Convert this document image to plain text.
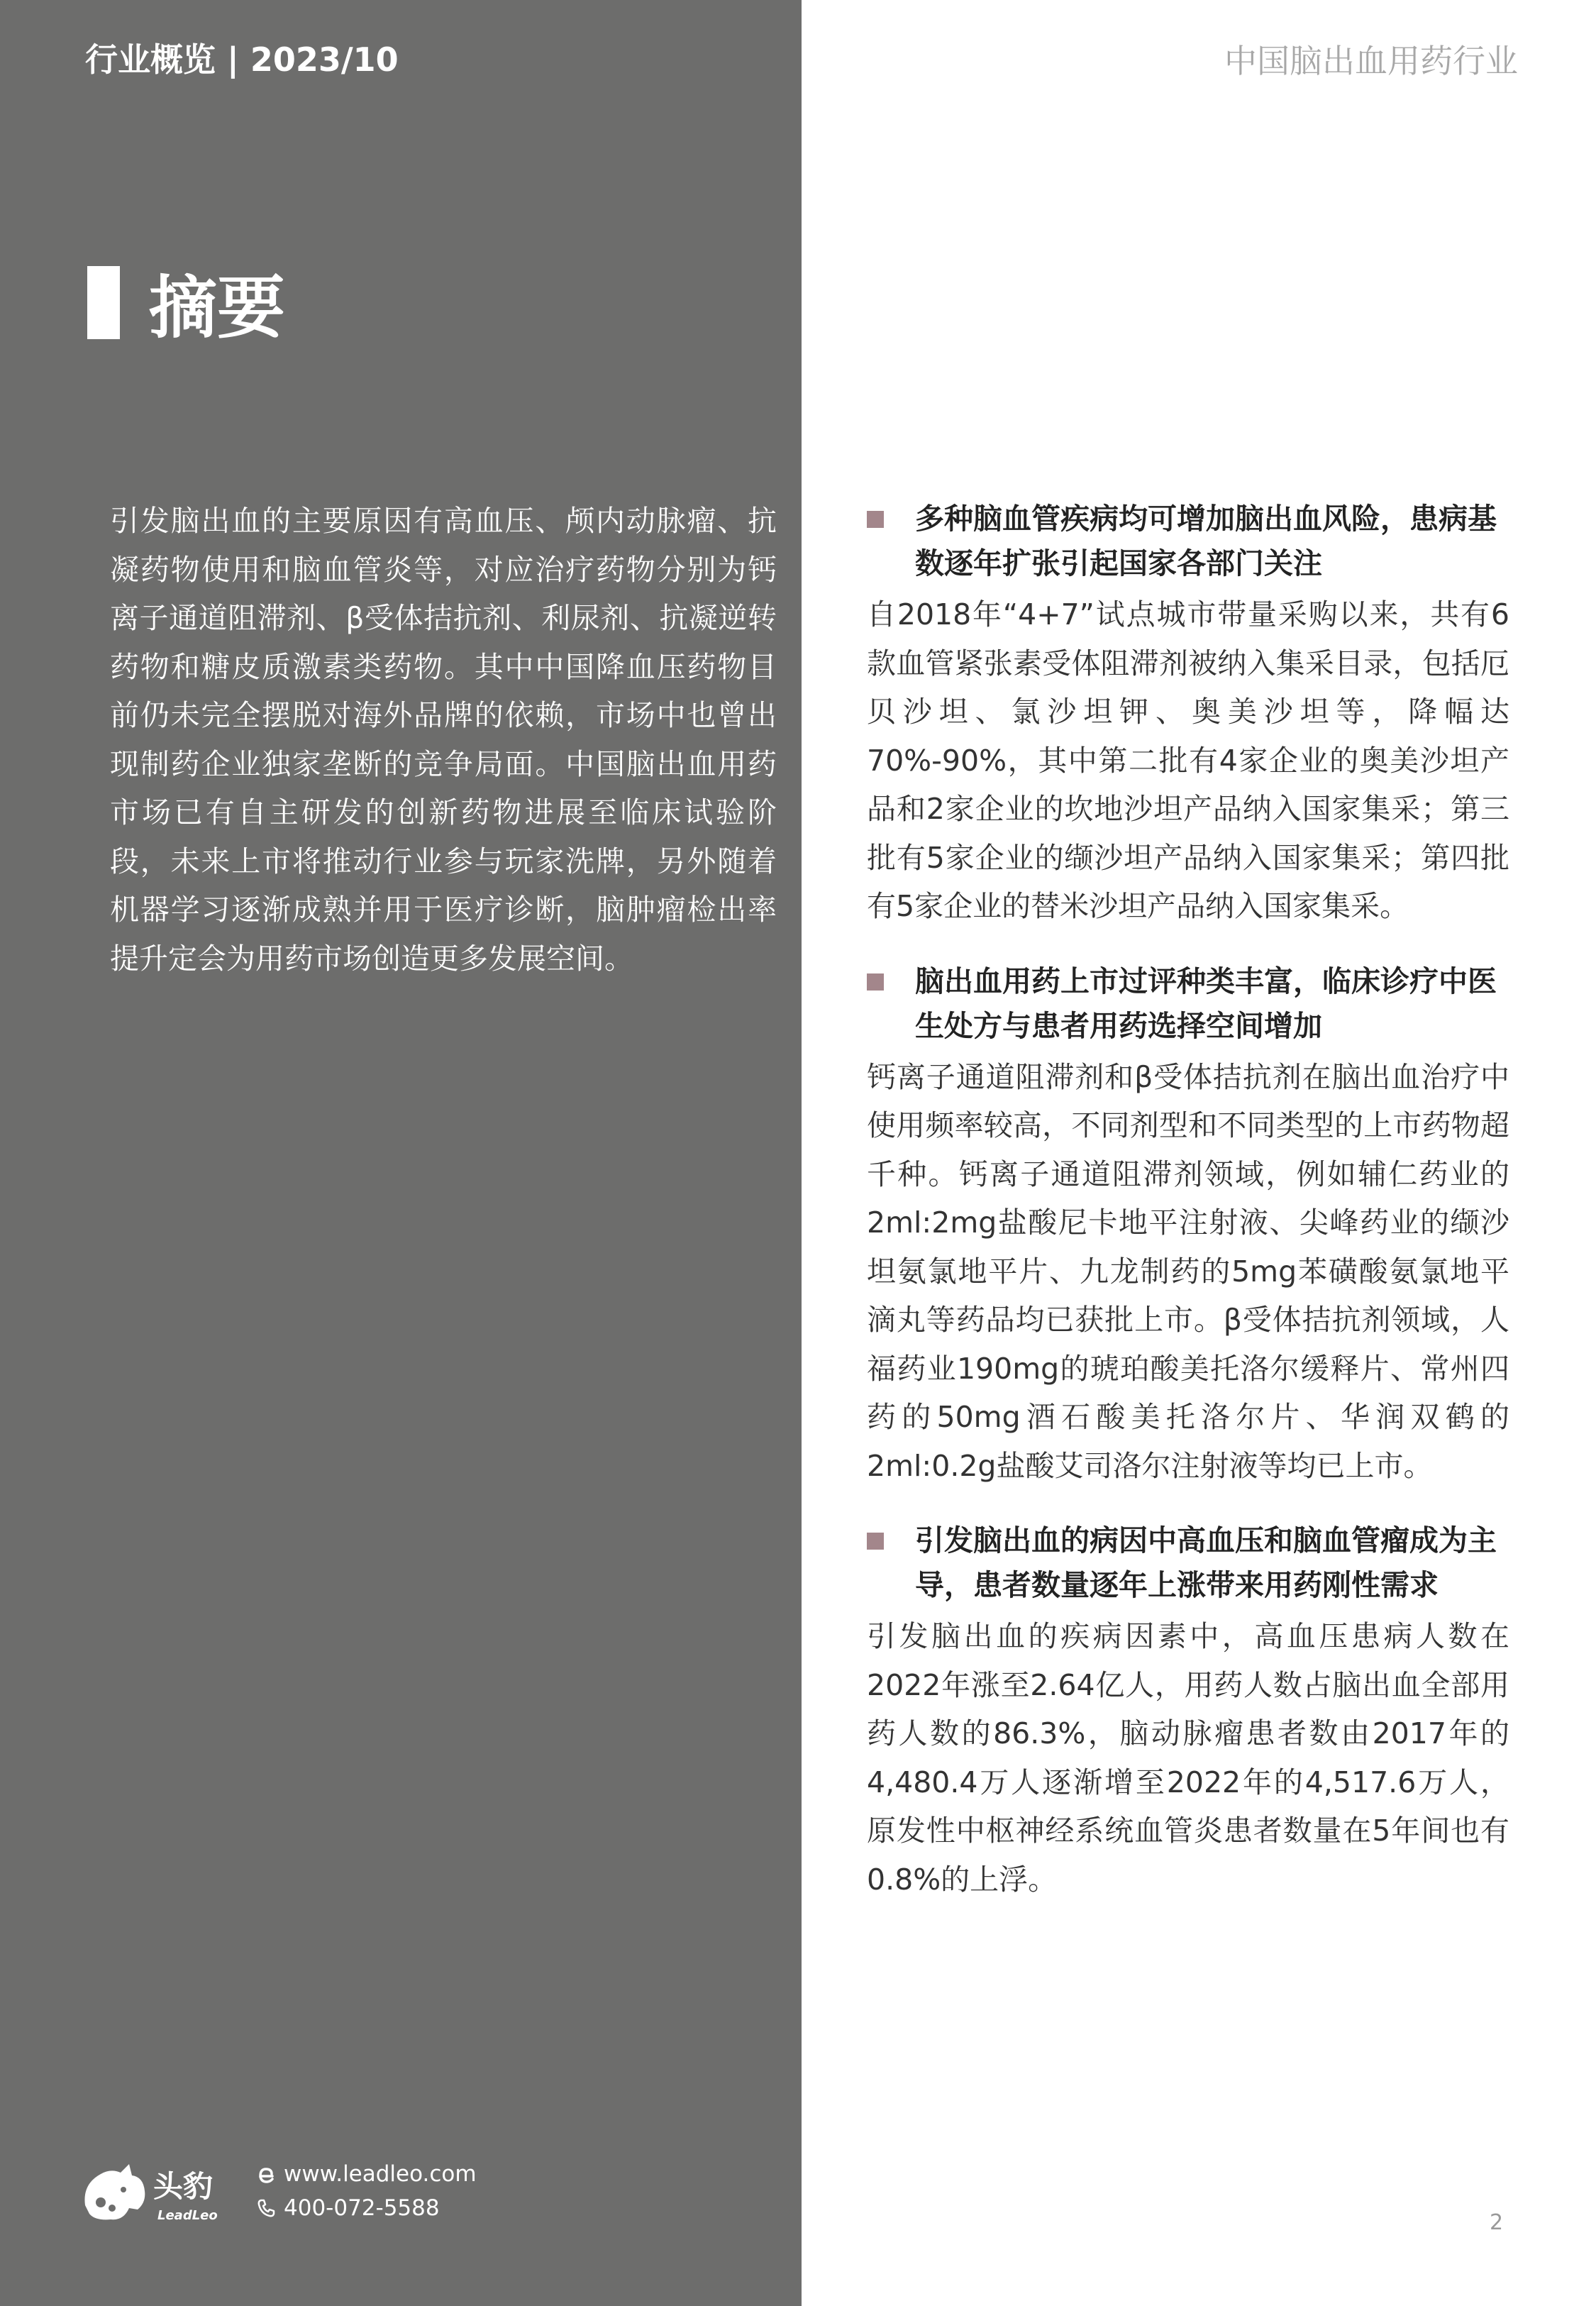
行业概览 | 2023/10	中国脑出血用药行业
摘要

引发脑出血的主要原因有高血压、颅内动脉瘤、抗凝药物使用和脑血管炎等，对应治疗药物分别为钙离子通道阻滞剂、β受体拮抗剂、利尿剂、抗凝逆转药物和糖皮质激素类药物。其中中国降血压药物目前仍未完全摆脱对海外品牌的依赖，市场中也曾出现制药企业独家垄断的竞争局面。中国脑出血用药市场已有自主研发的创新药物进展至临床试验阶段，未来上市将推动行业参与玩家洗牌，另外随着机器学习逐渐成熟并用于医疗诊断，脑肿瘤检出率提升定会为用药市场创造更多发展空间。

多种脑血管疾病均可增加脑出血风险，患病基数逐年扩张引起国家各部门关注

自2018年“4+7”试点城市带量采购以来，共有6款血管紧张素受体阻滞剂被纳入集采目录，包括厄贝沙坦、氯沙坦钾、奥美沙坦等，降幅达70%-90%，其中第二批有4家企业的奥美沙坦产品和2家企业的坎地沙坦产品纳入国家集采；第三批有5家企业的缬沙坦产品纳入国家集采；第四批有5家企业的替米沙坦产品纳入国家集采。

脑出血用药上市过评种类丰富，临床诊疗中医生处方与患者用药选择空间增加

钙离子通道阻滞剂和β受体拮抗剂在脑出血治疗中使用频率较高，不同剂型和不同类型的上市药物超千种。钙离子通道阻滞剂领域，例如辅仁药业的2ml:2mg盐酸尼卡地平注射液、尖峰药业的缬沙坦氨氯地平片、九龙制药的5mg苯磺酸氨氯地平滴丸等药品均已获批上市。β受体拮抗剂领域，人福药业190mg的琥珀酸美托洛尔缓释片、常州四药的50mg酒石酸美托洛尔片、华润双鹤的2ml:0.2g盐酸艾司洛尔注射液等均已上市。

引发脑出血的病因中高血压和脑血管瘤成为主导，患者数量逐年上涨带来用药刚性需求

引发脑出血的疾病因素中，高血压患病人数在2022年涨至2.64亿人，用药人数占脑出血全部用药人数的86.3%，脑动脉瘤患者数由2017年的4,480.4万人逐渐增至2022年的4,517.6万人，原发性中枢神经系统血管炎患者数量在5年间也有0.8%的上浮。

头豹
LeadLeo
www.leadleo.com
400-072-5588
2
